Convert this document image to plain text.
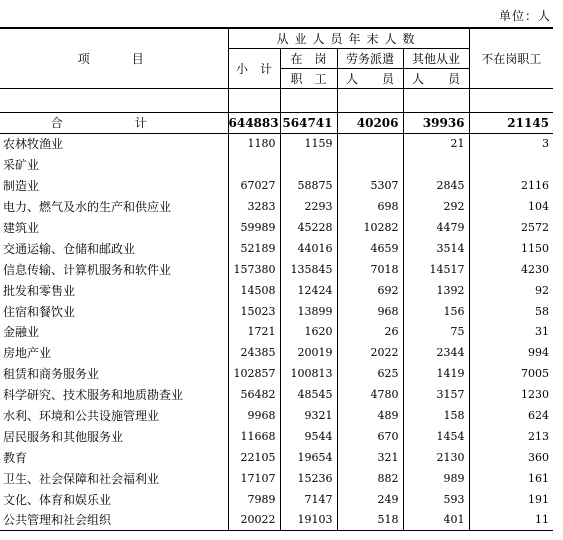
单位：人
项　　目	从业人员年末人数				不在岗职工
	小　计	在　岗	劳务派遣	其他从业	
		职　工	人　　员	人　　员	

合　计	644883	564741	40206	39936	21145
农林牧渔业	1180	1159		21	3
采矿业					
制造业	67027	58875	5307	2845	2116
电力、燃气及水的生产和供应业	3283	2293	698	292	104
建筑业	59989	45228	10282	4479	2572
交通运输、仓储和邮政业	52189	44016	4659	3514	1150
信息传输、计算机服务和软件业	157380	135845	7018	14517	4230
批发和零售业	14508	12424	692	1392	92
住宿和餐饮业	15023	13899	968	156	58
金融业	1721	1620	26	75	31
房地产业	24385	20019	2022	2344	994
租赁和商务服务业	102857	100813	625	1419	7005
科学研究、技术服务和地质勘查业	56482	48545	4780	3157	1230
水利、环境和公共设施管理业	9968	9321	489	158	624
居民服务和其他服务业	11668	9544	670	1454	213
教育	22105	19654	321	2130	360
卫生、社会保障和社会福利业	17107	15236	882	989	161
文化、体育和娱乐业	7989	7147	249	593	191
公共管理和社会组织	20022	19103	518	401	11
